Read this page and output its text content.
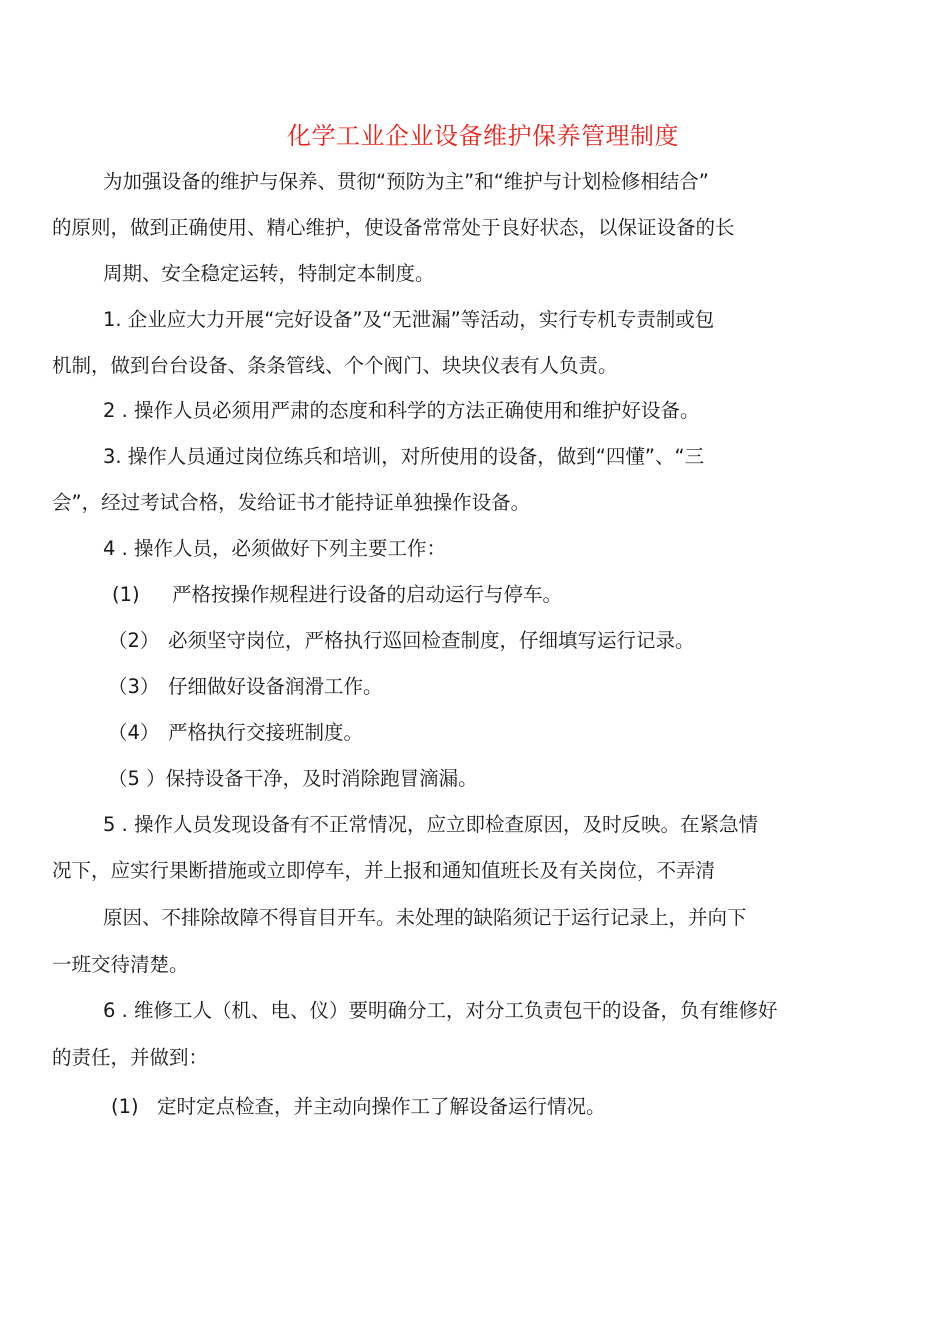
化学工业企业设备维护保养管理制度
为加强设备的维护与保养、贯彻“预防为主”和“维护与计划检修相结合”
的原则，做到正确使用、精心维护，使设备常常处于良好状态，以保证设备的长
周期、安全稳定运转，特制定本制度。
1. 企业应大力开展“完好设备”及“无泄漏”等活动，实行专机专责制或包
机制，做到台台设备、条条管线、个个阀门、块块仪表有人负责。
2 . 操作人员必须用严肃的态度和科学的方法正确使用和维护好设备。
3. 操作人员通过岗位练兵和培训，对所使用的设备，做到“四懂”、“三
会”，经过考试合格，发给证书才能持证单独操作设备。
4 . 操作人员，必须做好下列主要工作：
(1) 严格按操作规程进行设备的启动运行与停车。
（2） 必须坚守岗位，严格执行巡回检查制度，仔细填写运行记录。
（3） 仔细做好设备润滑工作。
（4） 严格执行交接班制度。
（5 ）保持设备干净，及时消除跑冒滴漏。
5 . 操作人员发现设备有不正常情况，应立即检查原因，及时反映。在紧急情
况下，应实行果断措施或立即停车，并上报和通知值班长及有关岗位，不弄清
原因、不排除故障不得盲目开车。未处理的缺陷须记于运行记录上，并向下
一班交待清楚。
6 . 维修工人（机、电、仪）要明确分工，对分工负责包干的设备，负有维修好
的责任，并做到：
(1) 定时定点检查，并主动向操作工了解设备运行情况。
